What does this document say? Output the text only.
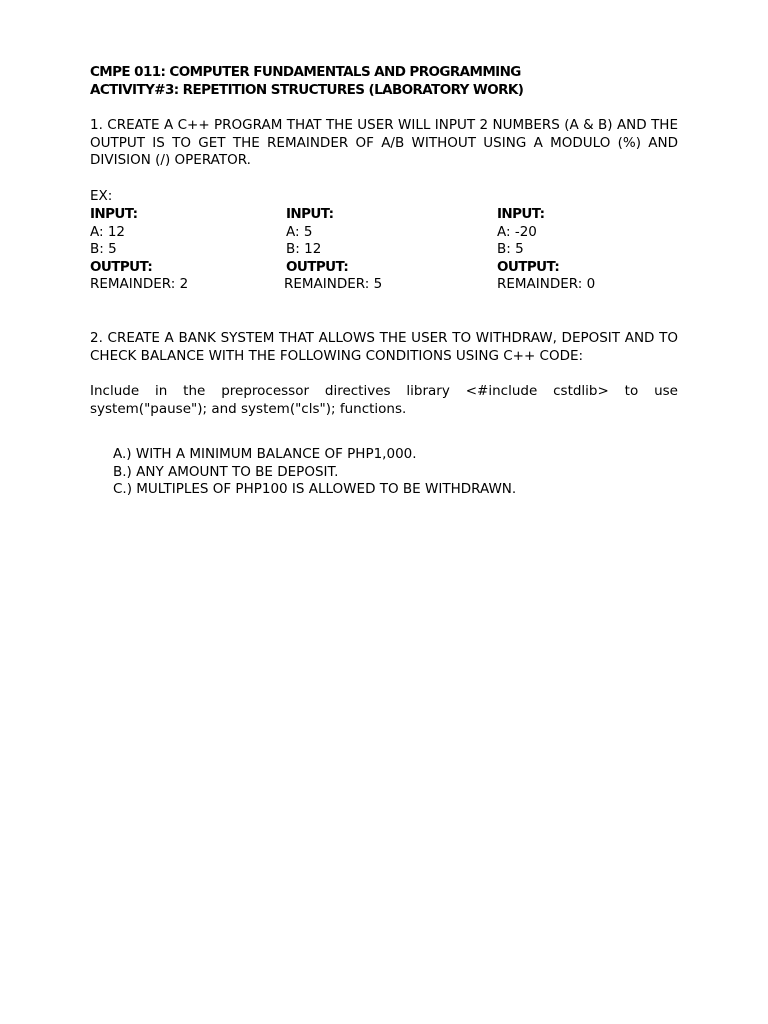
CMPE 011: COMPUTER FUNDAMENTALS AND PROGRAMMING
ACTIVITY#3: REPETITION STRUCTURES (LABORATORY WORK)
1. CREATE A C++ PROGRAM THAT THE USER WILL INPUT 2 NUMBERS (A & B) AND THE OUTPUT IS TO GET THE REMAINDER OF A/B WITHOUT USING A MODULO (%) AND DIVISION (/) OPERATOR.
EX:
INPUT:
A: 12
B: 5
OUTPUT:
REMAINDER: 2
INPUT:
A: 5
B: 12
OUTPUT:
REMAINDER: 5
INPUT:
A: -20
B: 5
OUTPUT:
REMAINDER: 0
2. CREATE A BANK SYSTEM THAT ALLOWS THE USER TO WITHDRAW, DEPOSIT AND TO CHECK BALANCE WITH THE FOLLOWING CONDITIONS USING C++ CODE:
Include in the preprocessor directives library <#include cstdlib> to use system("pause"); and system("cls"); functions.
A.) WITH A MINIMUM BALANCE OF PHP1,000.
B.) ANY AMOUNT TO BE DEPOSIT.
C.) MULTIPLES OF PHP100 IS ALLOWED TO BE WITHDRAWN.
